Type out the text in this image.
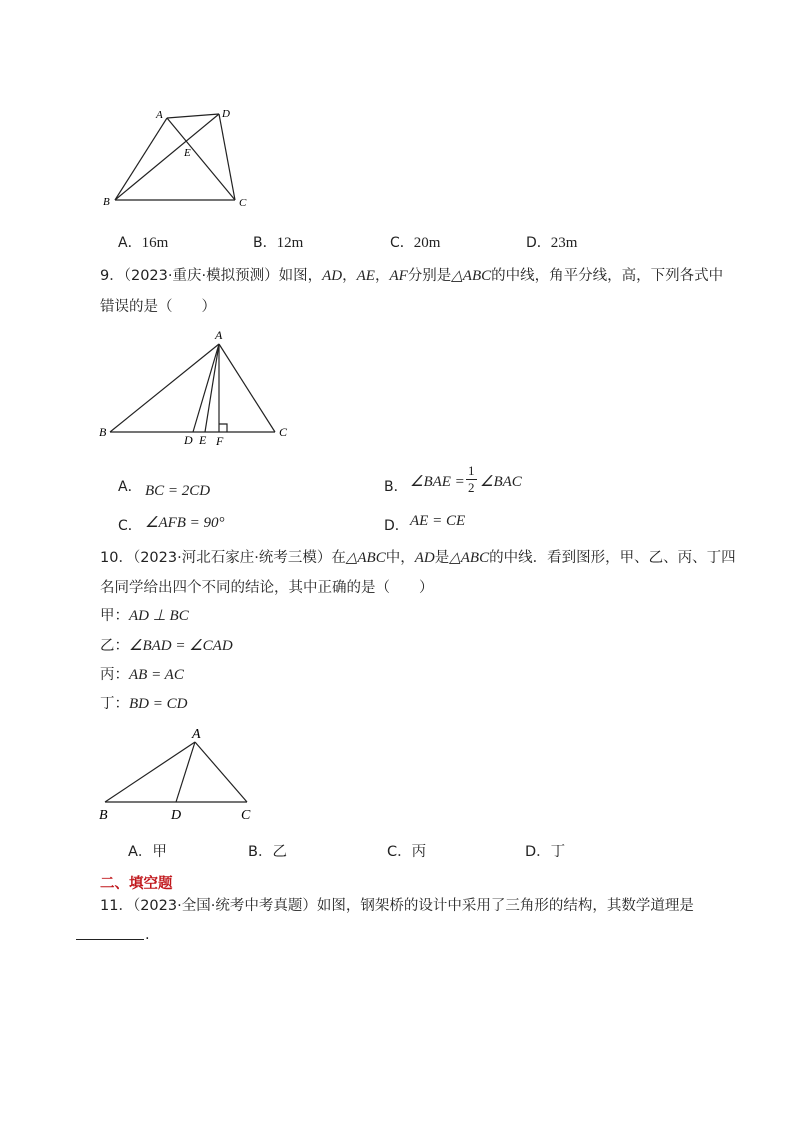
A	D
E
B	C
A．16m	B．12m	C．20m	D．23m
9．（2023·重庆·模拟预测）如图，AD，AE，AF分别是△ABC的中线，角平分线，高，下列各式中
错误的是（　　）
A
B
D E F
C
A． BC = 2CD	B． ∠BAE =
1
2 ∠BAC
C． ∠AFB = 90°	D． AE = CE
10．（2023·河北石家庄·统考三模）在△ABC中，AD是△ABC的中线．看到图形，甲、乙、丙、丁四
名同学给出四个不同的结论，其中正确的是（　　）
甲：AD ⊥ BC
乙：∠BAD = ∠CAD
丙：AB = AC
丁：BD = CD
A
B	D	C
A．甲	B．乙	C．丙	D．丁
二、填空题
11．（2023·全国·统考中考真题）如图，钢架桥的设计中采用了三角形的结构，其数学道理是
.
